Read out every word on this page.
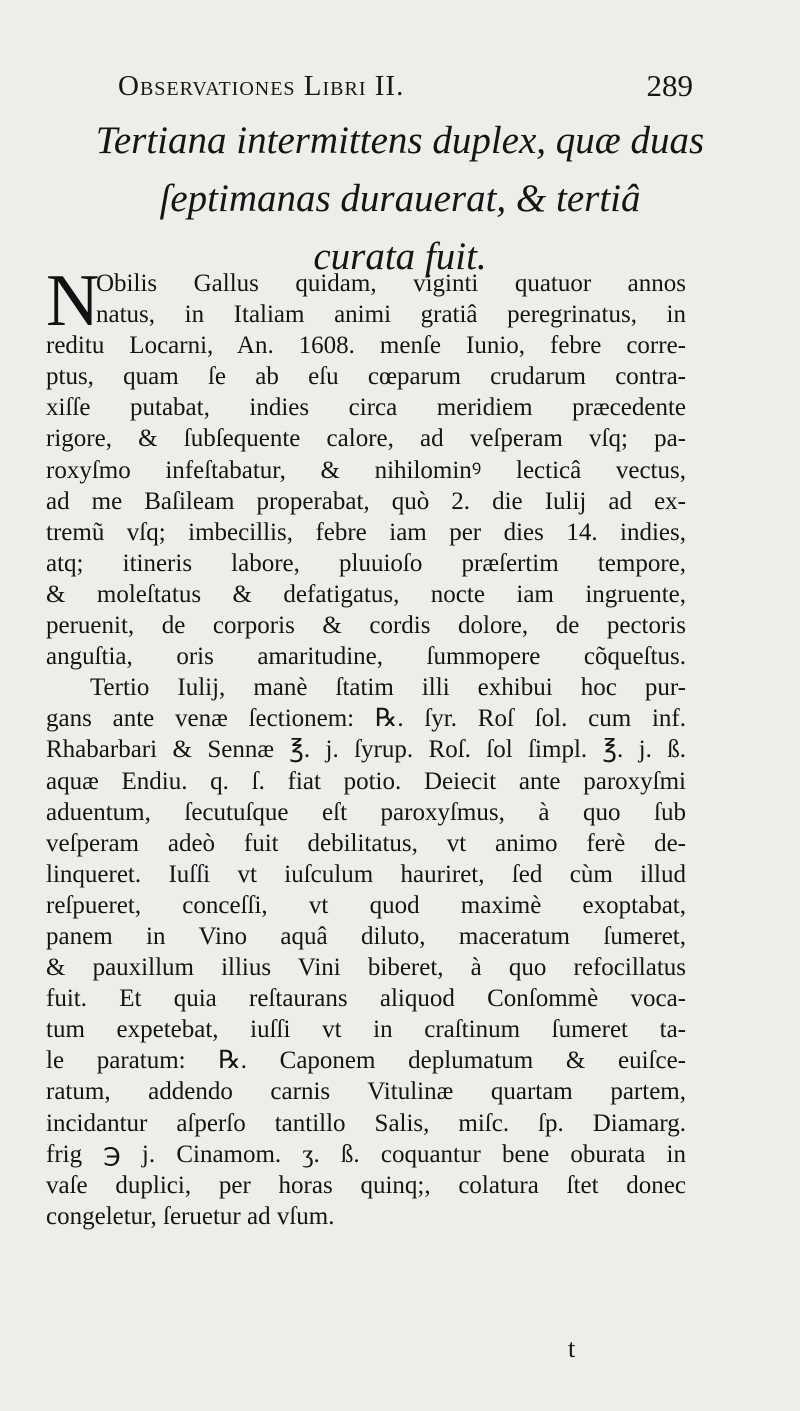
Observationes Libri II.	289
Tertiana intermittens duplex, quæ duas
ſeptimanas durauerat, & tertiâ
curata fuit.
N
Obilis Gallus quidam, viginti quatuor annos
natus, in Italiam animi gratiâ peregrinatus, in
reditu Locarni, An. 1608. menſe Iunio, febre corre-
ptus, quam ſe ab eſu cœparum crudarum contra-
xiſſe putabat, indies circa meridiem præcedente
rigore, & ſubſequente calore, ad veſperam vſq; pa-
roxyſmo infeſtabatur, & nihilominꝰ lecticâ vectus,
ad me Baſileam properabat, quò 2. die Iulij ad ex-
tremũ vſq; imbecillis, febre iam per dies 14. indies,
atq; itineris labore, pluuioſo præſertim tempore,
& moleſtatus & defatigatus, nocte iam ingruente,
peruenit, de corporis & cordis dolore, de pectoris
anguſtia, oris amaritudine, ſummopere cõqueſtus.
Tertio Iulij, manè ſtatim illi exhibui hoc pur-
gans ante venæ ſectionem: ℞. ſyr. Roſ ſol. cum inf.
Rhabarbari & Sennæ ℥. j. ſyrup. Roſ. ſol ſimpl. ℥. j. ß.
aquæ Endiu. q. ſ. fiat potio. Deiecit ante paroxyſmi
aduentum, ſecutuſque eſt paroxyſmus, à quo ſub
veſperam adeò fuit debilitatus, vt animo ferè de-
linqueret. Iuſſi vt iuſculum hauriret, ſed cùm illud
reſpueret, conceſſi, vt quod maximè exoptabat,
panem in Vino aquâ diluto, maceratum ſumeret,
& pauxillum illius Vini biberet, à quo refocillatus
fuit. Et quia reſtaurans aliquod Conſommè voca-
tum expetebat, iuſſi vt in craſtinum ſumeret ta-
le paratum: ℞. Caponem deplumatum & euiſce-
ratum, addendo carnis Vitulinæ quartam partem,
incidantur aſperſo tantillo Salis, miſc. ſp. Diamarg.
frig ℈ j. Cinamom. ʒ. ß. coquantur bene oburata in
vaſe duplici, per horas quinq;, colatura ſtet donec
congeletur, ſeruetur ad vſum.
t
